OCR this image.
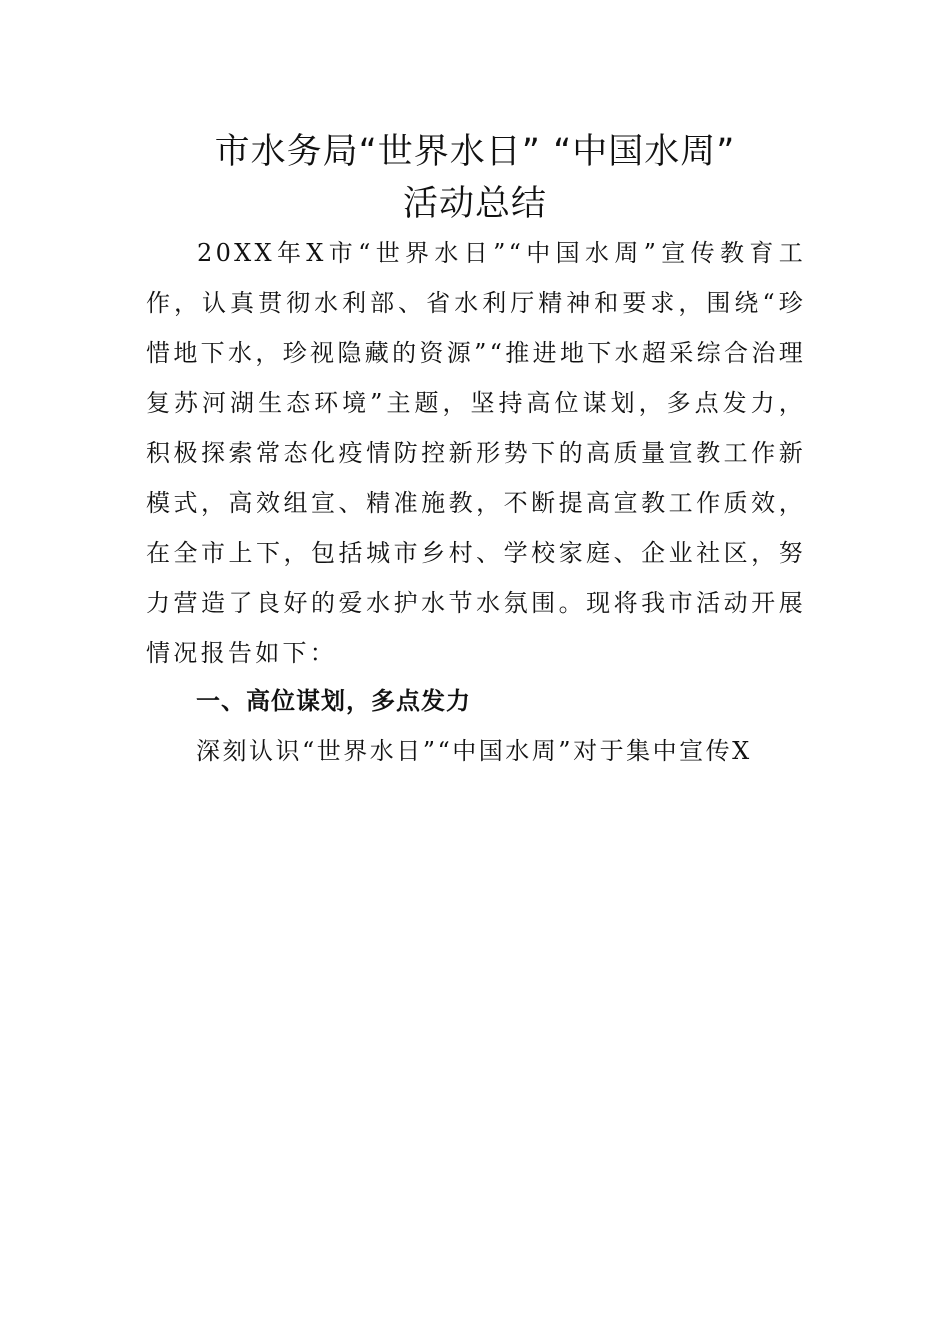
市水务局“世界水日” “中国水周”
活动总结

20XX年X市“世界水日”“中国水周”宣传教育工作，认真贯彻水利部、省水利厅精神和要求，围绕“珍惜地下水，珍视隐藏的资源”“推进地下水超采综合治理 复苏河湖生态环境”主题，坚持高位谋划，多点发力，积极探索常态化疫情防控新形势下的高质量宣教工作新模式，高效组宣、精准施教，不断提高宣教工作质效，在全市上下，包括城市乡村、学校家庭、企业社区，努力营造了良好的爱水护水节水氛围。现将我市活动开展情况报告如下：

一、高位谋划，多点发力

深刻认识“世界水日”“中国水周”对于集中宣传X
